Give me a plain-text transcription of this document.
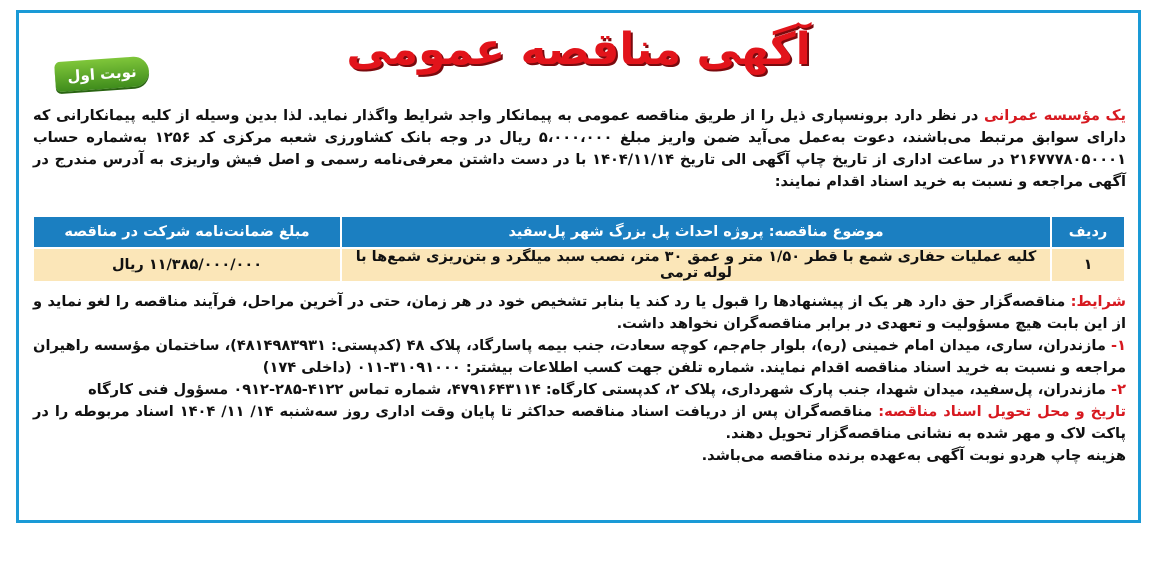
آگهی مناقصه عمومی
نوبت اول
یک مؤسسه عمرانی در نظر دارد برونسپاری ذیل را از طریق مناقصه عمومی به پیمانکار واجد شرایط واگذار نماید. لذا بدین وسیله از کلیه پیمانکارانی که دارای سوابق مرتبط می‌باشند، دعوت به‌عمل می‌آید ضمن واریز مبلغ ۵،۰۰۰،۰۰۰ ریال در وجه بانک کشاورزی شعبه مرکزی کد ۱۲۵۶ به‌شماره حساب ۲۱۶۷۷۷۸۰۵۰۰۰۱ در ساعت اداری از تاریخ چاپ آگهی الی تاریخ ۱۴۰۴/۱۱/۱۴ با در دست داشتن معرفی‌نامه رسمی و اصل فیش واریزی به آدرس مندرج در آگهی مراجعه و نسبت به خرید اسناد اقدام نمایند:
ردیف	موضوع مناقصه: پروژه احداث پل بزرگ شهر پل‌سفید	مبلغ ضمانت‌نامه شرکت در مناقصه
۱	کلیه عملیات حفاری شمع با قطر ۱/۵۰ متر و عمق ۳۰ متر، نصب سبد میلگرد و بتن‌ریزی شمع‌ها با لوله ترمی	۱۱/۳۸۵/۰۰۰/۰۰۰ ریال

شرایط: مناقصه‌گزار حق دارد هر یک از پیشنهادها را قبول یا رد کند یا بنابر تشخیص خود در هر زمان، حتی در آخرین مراحل، فرآیند مناقصه را لغو نماید و از این بابت هیچ مسؤولیت و تعهدی در برابر مناقصه‌گران نخواهد داشت.

۱- مازندران، ساری، میدان امام خمینی (ره)، بلوار جام‌جم، کوچه سعادت، جنب بیمه پاسارگاد، پلاک ۴۸ (کدپستی: ۴۸۱۴۹۸۳۹۳۱)، ساختمان مؤسسه راهیران مراجعه و نسبت به خرید اسناد مناقصه اقدام نمایند. شماره تلفن جهت کسب اطلاعات بیشتر: ۳۱۰۹۱۰۰۰-۰۱۱ (داخلی ۱۷۴)

۲- مازندران، پل‌سفید، میدان شهدا، جنب پارک شهرداری، پلاک ۲، کدپستی کارگاه: ۴۷۹۱۶۴۳۱۱۴، شماره تماس ۴۱۲۲-۲۸۵-۰۹۱۲ مسؤول فنی کارگاه

تاریخ و محل تحویل اسناد مناقصه: مناقصه‌گران پس از دریافت اسناد مناقصه حداکثر تا پایان وقت اداری روز سه‌شنبه ۱۴/ ۱۱/ ۱۴۰۴ اسناد مربوطه را در پاکت لاک و مهر شده به نشانی مناقصه‌گزار تحویل دهند.

هزینه چاپ هردو نوبت آگهی به‌عهده برنده مناقصه می‌باشد.
